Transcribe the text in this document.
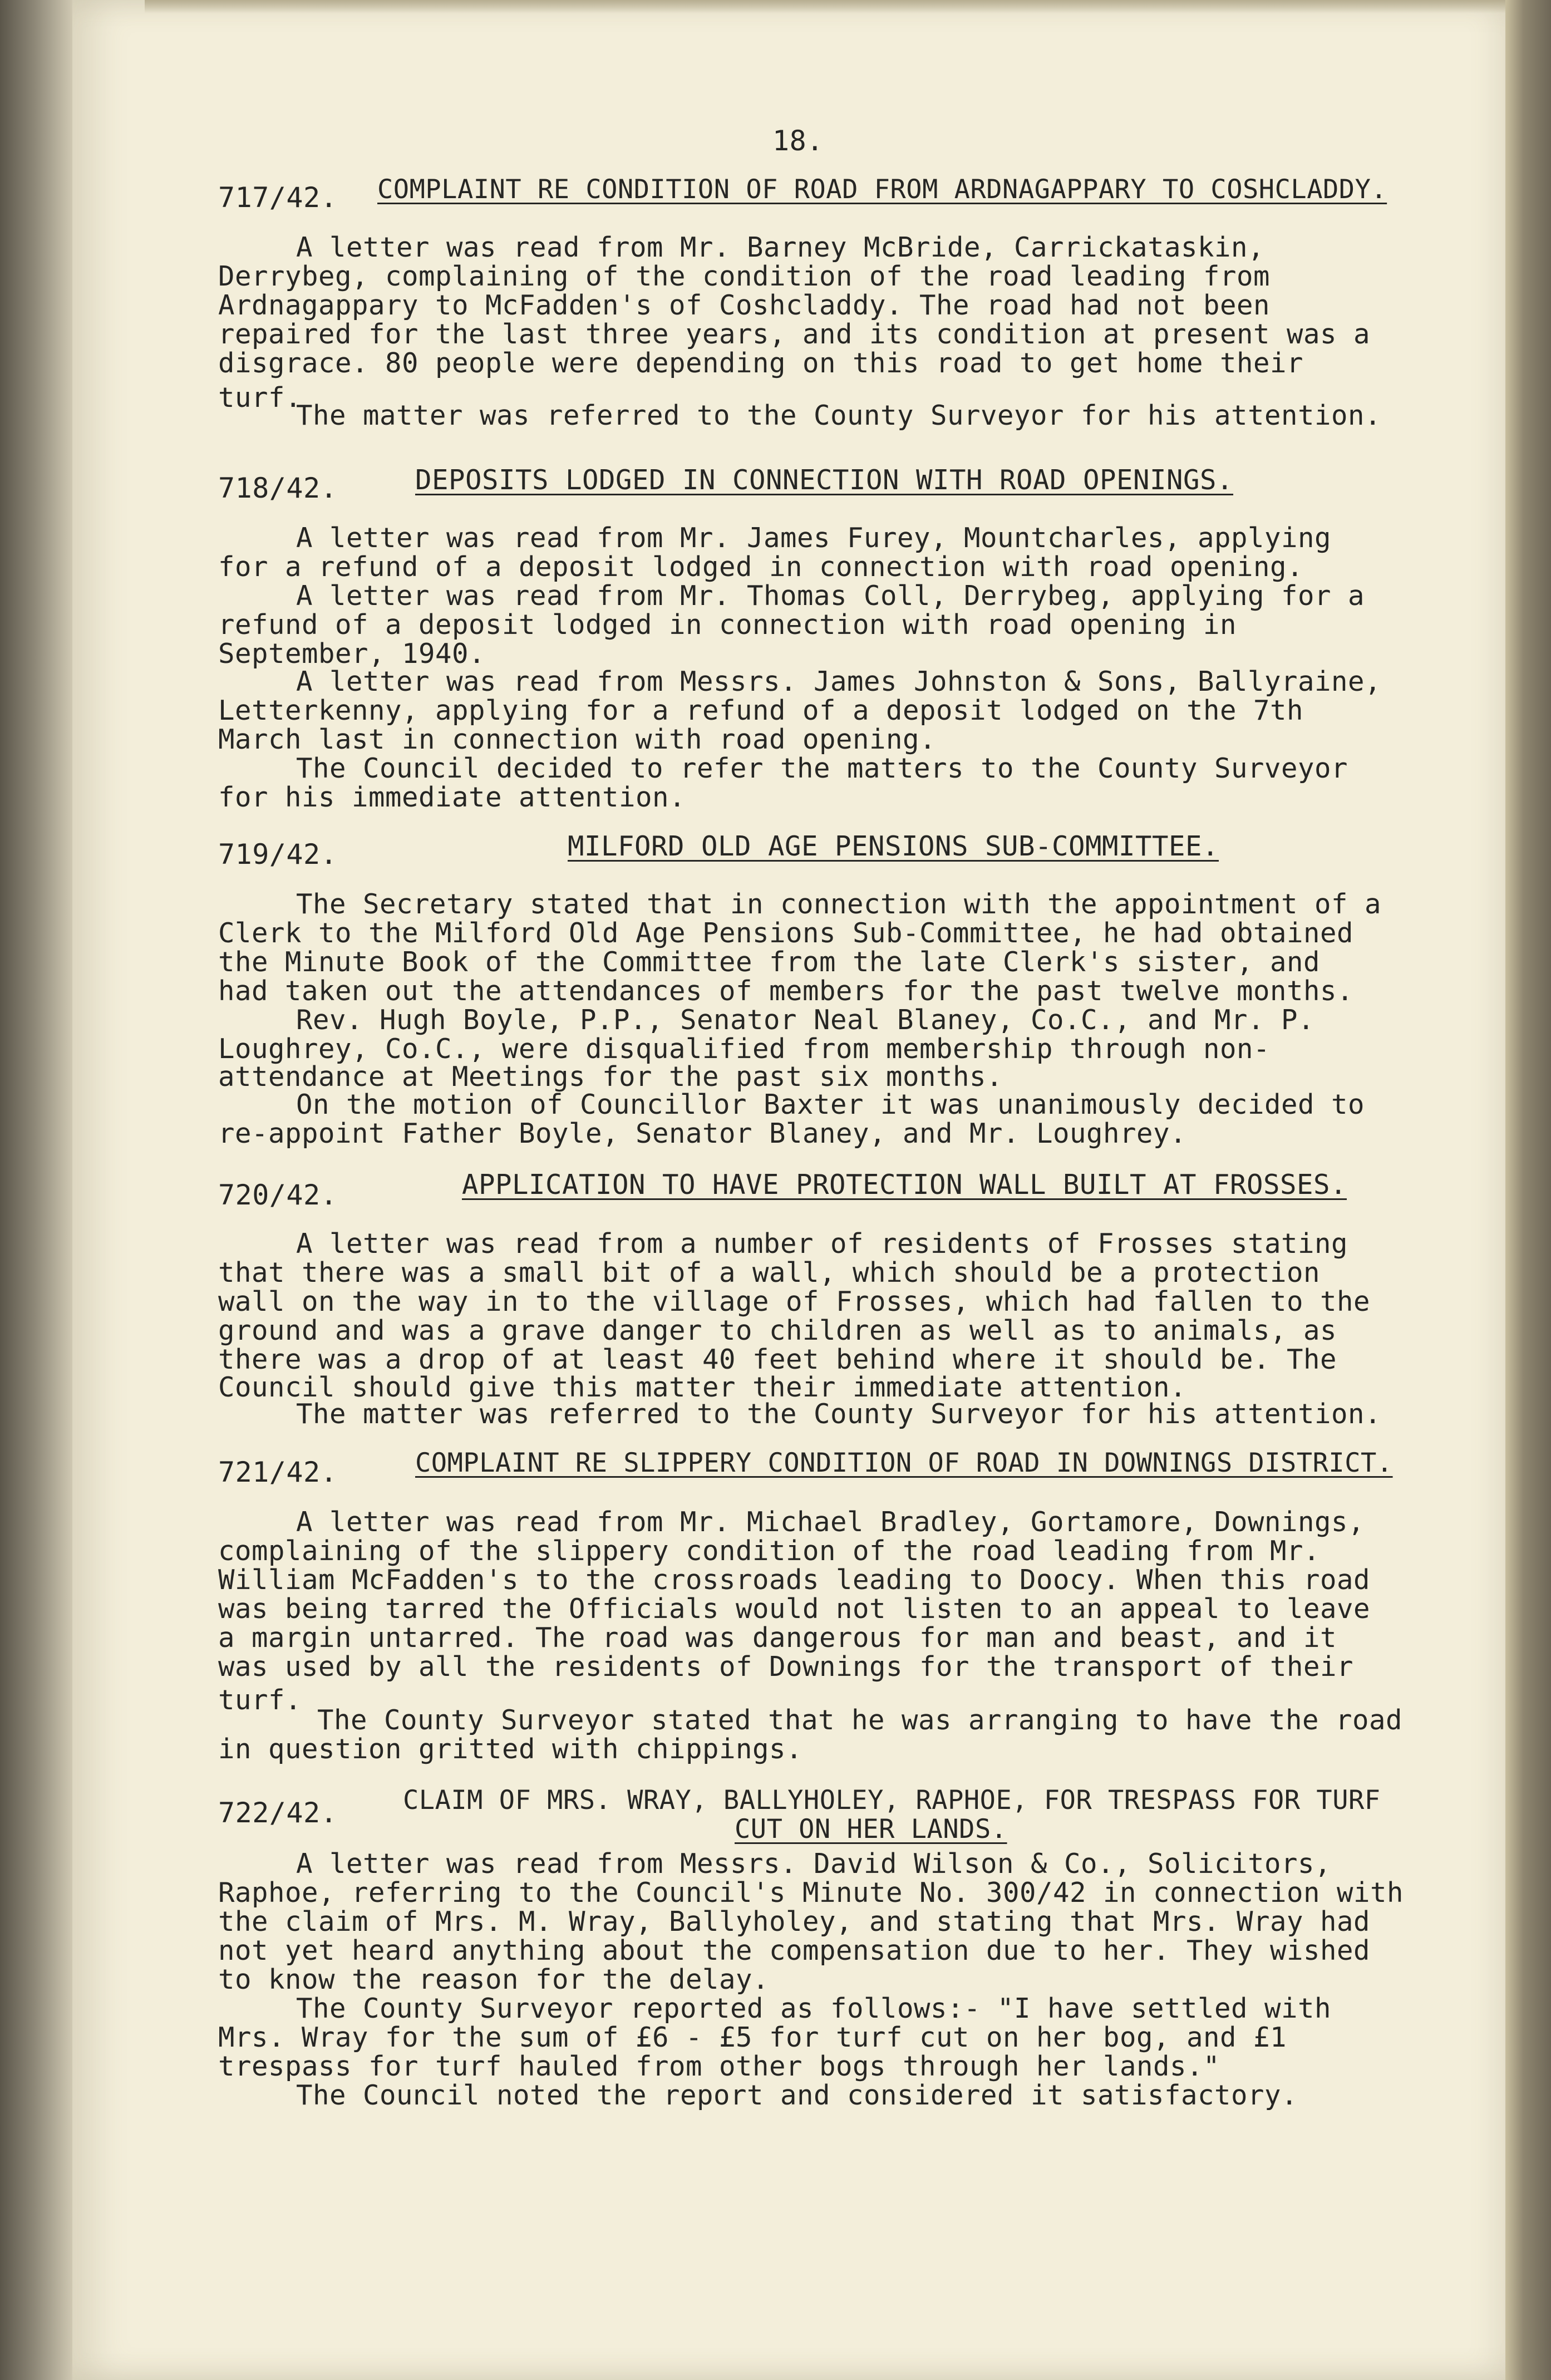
18.
717/42. COMPLAINT RE CONDITION OF ROAD FROM ARDNAGAPPARY TO COSHCLADDY.
A letter was read from Mr. Barney McBride, Carrickataskin,
Derrybeg, complaining of the condition of the road leading from
Ardnagappary to McFadden's of Coshcladdy. The road had not been
repaired for the last three years, and its condition at present was a
disgrace. 80 people were depending on this road to get home their
turf.
The matter was referred to the County Surveyor for his attention.
718/42.	DEPOSITS LODGED IN CONNECTION WITH ROAD OPENINGS.
A letter was read from Mr. James Furey, Mountcharles, applying
for a refund of a deposit lodged in connection with road opening.
A letter was read from Mr. Thomas Coll, Derrybeg, applying for a
refund of a deposit lodged in connection with road opening in
September, 1940.
A letter was read from Messrs. James Johnston & Sons, Ballyraine,
Letterkenny, applying for a refund of a deposit lodged on the 7th
March last in connection with road opening.
The Council decided to refer the matters to the County Surveyor
for his immediate attention.
719/42.	MILFORD OLD AGE PENSIONS SUB-COMMITTEE.
The Secretary stated that in connection with the appointment of a
Clerk to the Milford Old Age Pensions Sub-Committee, he had obtained
the Minute Book of the Committee from the late Clerk's sister, and
had taken out the attendances of members for the past twelve months.
Rev. Hugh Boyle, P.P., Senator Neal Blaney, Co.C., and Mr. P.
Loughrey, Co.C., were disqualified from membership through non-
attendance at Meetings for the past six months.
On the motion of Councillor Baxter it was unanimously decided to
re-appoint Father Boyle, Senator Blaney, and Mr. Loughrey.
720/42.	APPLICATION TO HAVE PROTECTION WALL BUILT AT FROSSES.
A letter was read from a number of residents of Frosses stating
that there was a small bit of a wall, which should be a protection
wall on the way in to the village of Frosses, which had fallen to the
ground and was a grave danger to children as well as to animals, as
there was a drop of at least 40 feet behind where it should be. The
Council should give this matter their immediate attention.
The matter was referred to the County Surveyor for his attention.
721/42.	COMPLAINT RE SLIPPERY CONDITION OF ROAD IN DOWNINGS DISTRICT.
A letter was read from Mr. Michael Bradley, Gortamore, Downings,
complaining of the slippery condition of the road leading from Mr.
William McFadden's to the crossroads leading to Doocy. When this road
was being tarred the Officials would not listen to an appeal to leave
a margin untarred. The road was dangerous for man and beast, and it
was used by all the residents of Downings for the transport of their
turf.
The County Surveyor stated that he was arranging to have the road
in question gritted with chippings.
722/42.	CLAIM OF MRS. WRAY, BALLYHOLEY, RAPHOE, FOR TRESPASS FOR TURF
CUT ON HER LANDS.
A letter was read from Messrs. David Wilson & Co., Solicitors,
Raphoe, referring to the Council's Minute No. 300/42 in connection with
the claim of Mrs. M. Wray, Ballyholey, and stating that Mrs. Wray had
not yet heard anything about the compensation due to her. They wished
to know the reason for the delay.
The County Surveyor reported as follows:- "I have settled with
Mrs. Wray for the sum of £6 - £5 for turf cut on her bog, and £1
trespass for turf hauled from other bogs through her lands."
The Council noted the report and considered it satisfactory.
